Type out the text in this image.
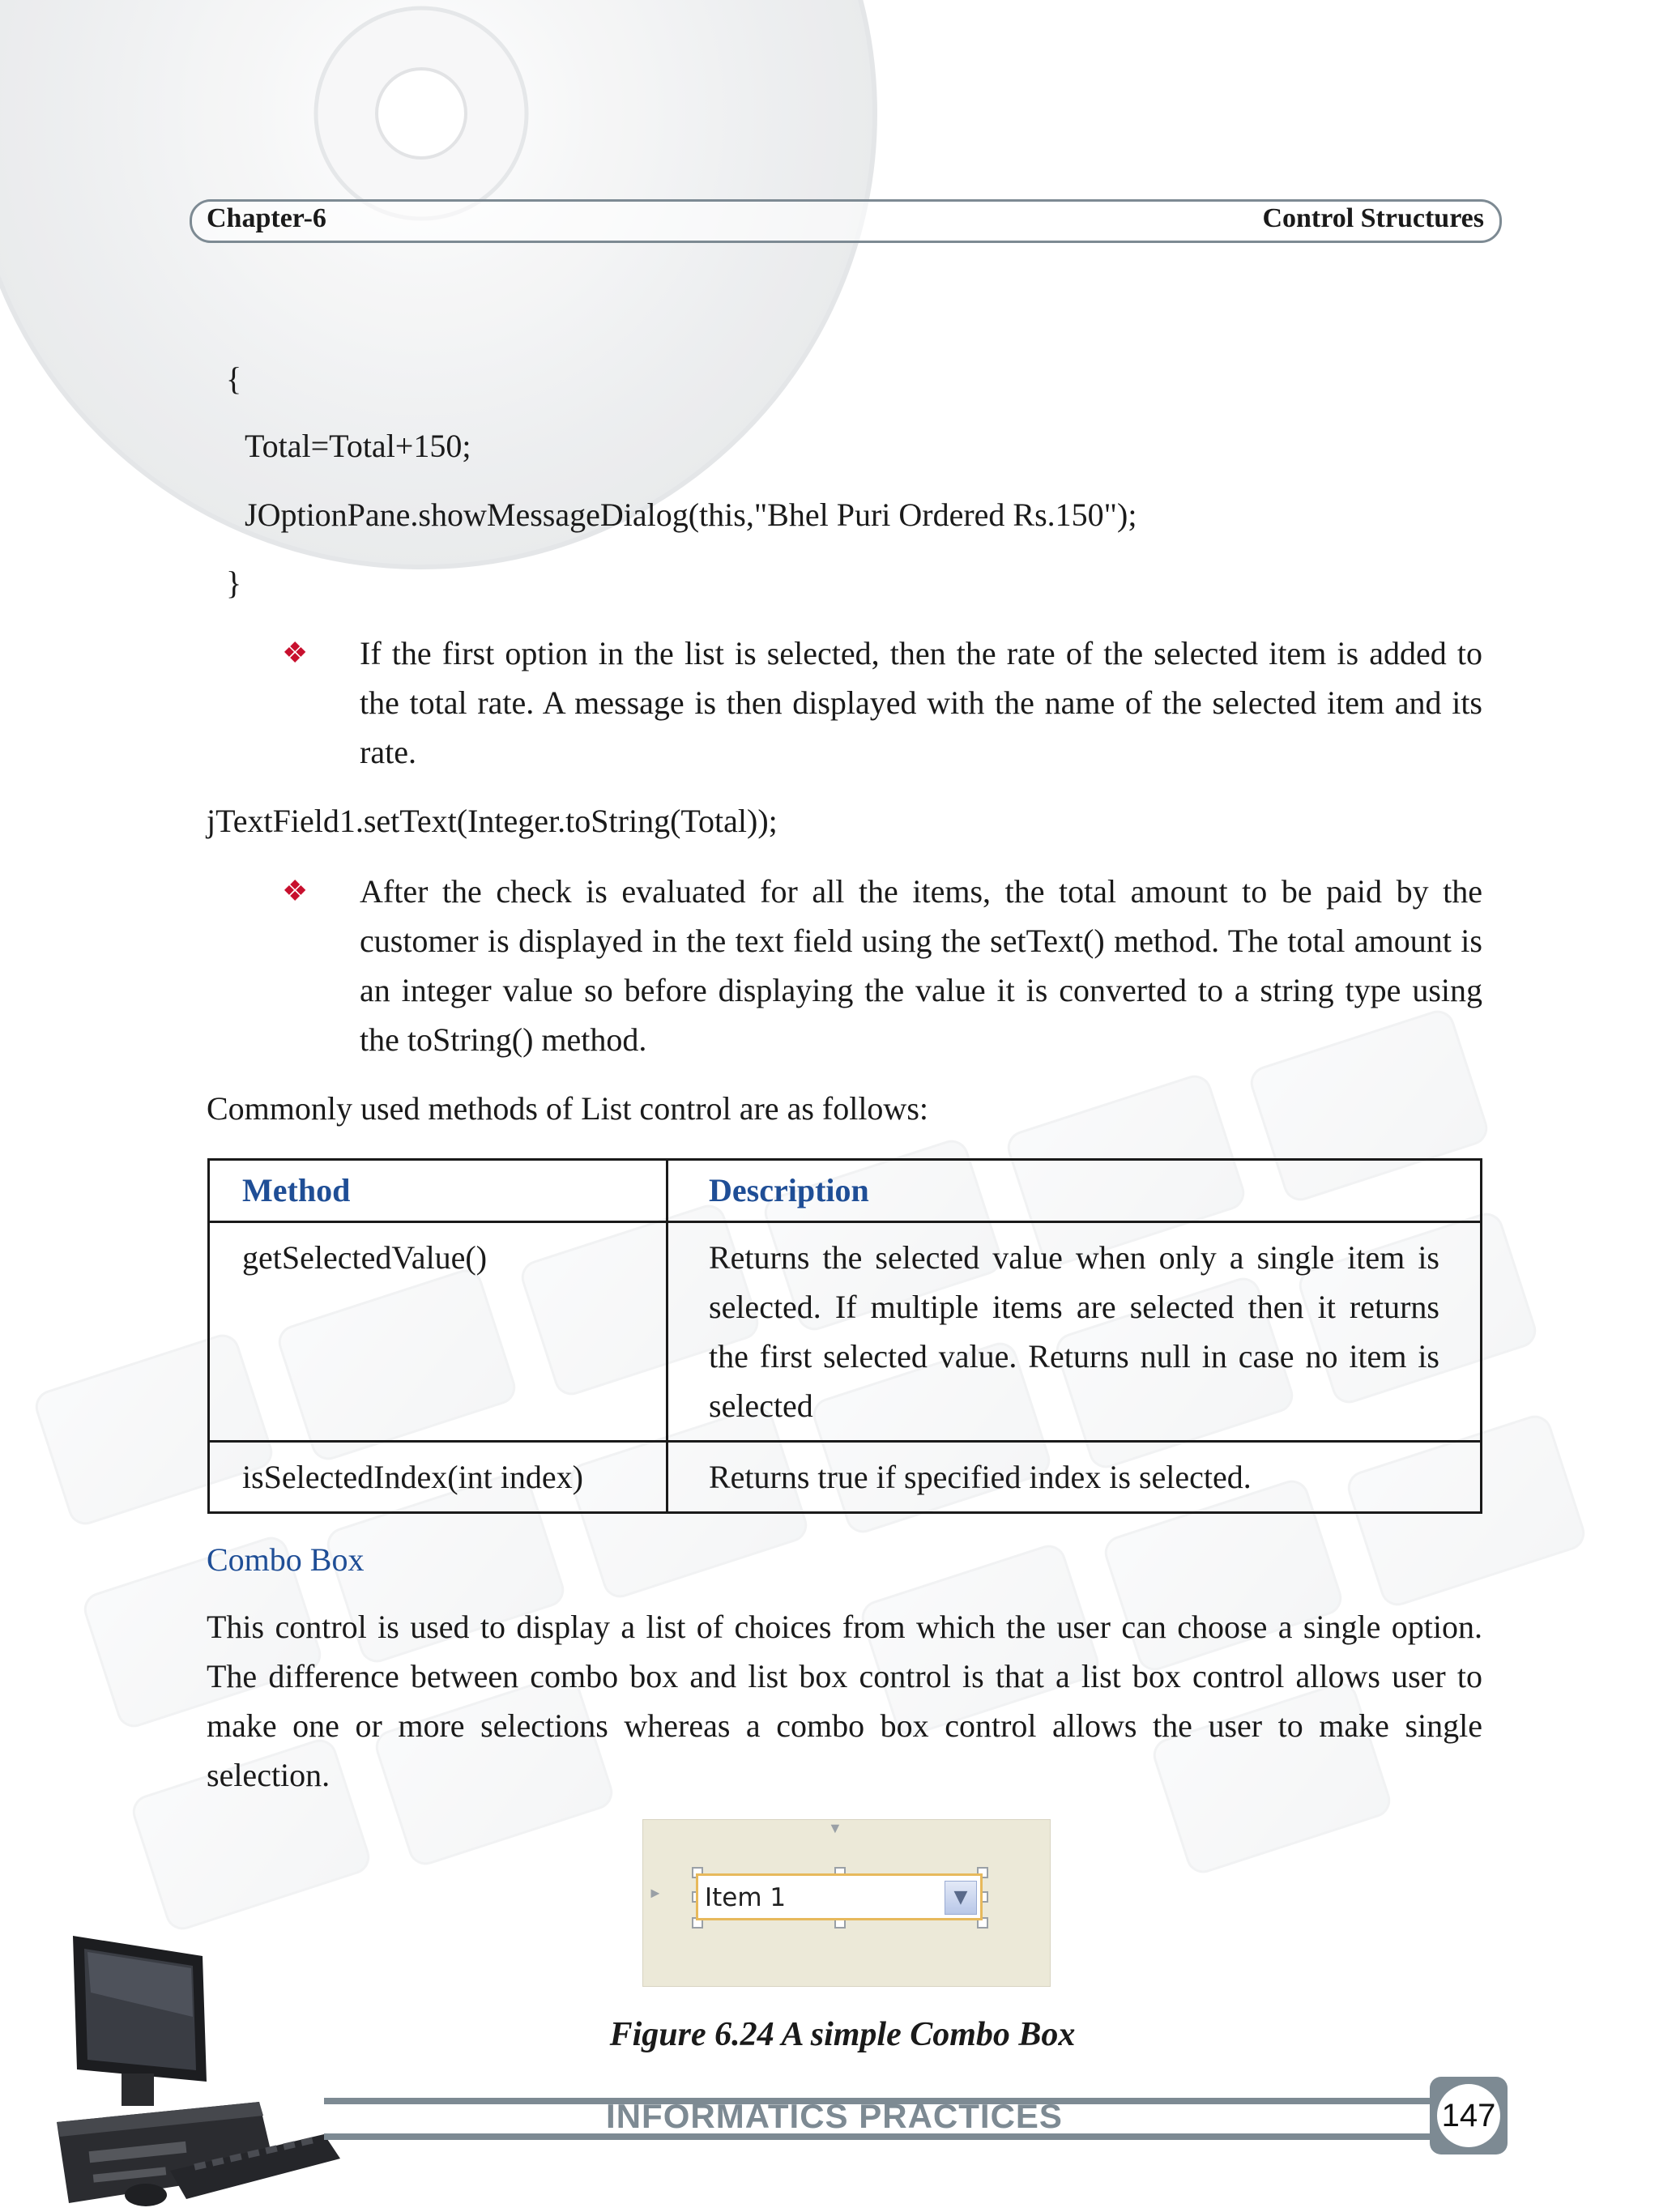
Chapter-6	Control Structures
{
Total=Total+150;
JOptionPane.showMessageDialog(this,"Bhel Puri Ordered Rs.150");
}
❖ If the first option in the list is selected, then the rate of the selected item is added to the total rate. A message is then displayed with the name of the selected item and its rate.
jTextField1.setText(Integer.toString(Total));
❖ After the check is evaluated for all the items, the total amount to be paid by the customer is displayed in the text field using the setText() method. The total amount is an integer value so before displaying the value it is converted to a string type using the toString() method.
Commonly used methods of List control are as follows:
Method	Description
getSelectedValue()	Returns the selected value when only a single item is selected. If multiple items are selected then it returns the first selected value. Returns null in case no item is selected
isSelectedIndex(int index)	Returns true if specified index is selected.
Combo Box
This control is used to display a list of choices from which the user can choose a single option. The difference between combo box and list box control is that a list box control allows user to make one or more selections whereas a combo box control allows the user to make single selection.
▼
► Item 1	▼
Figure 6.24 A simple Combo Box
INFORMATICS PRACTICES	147
